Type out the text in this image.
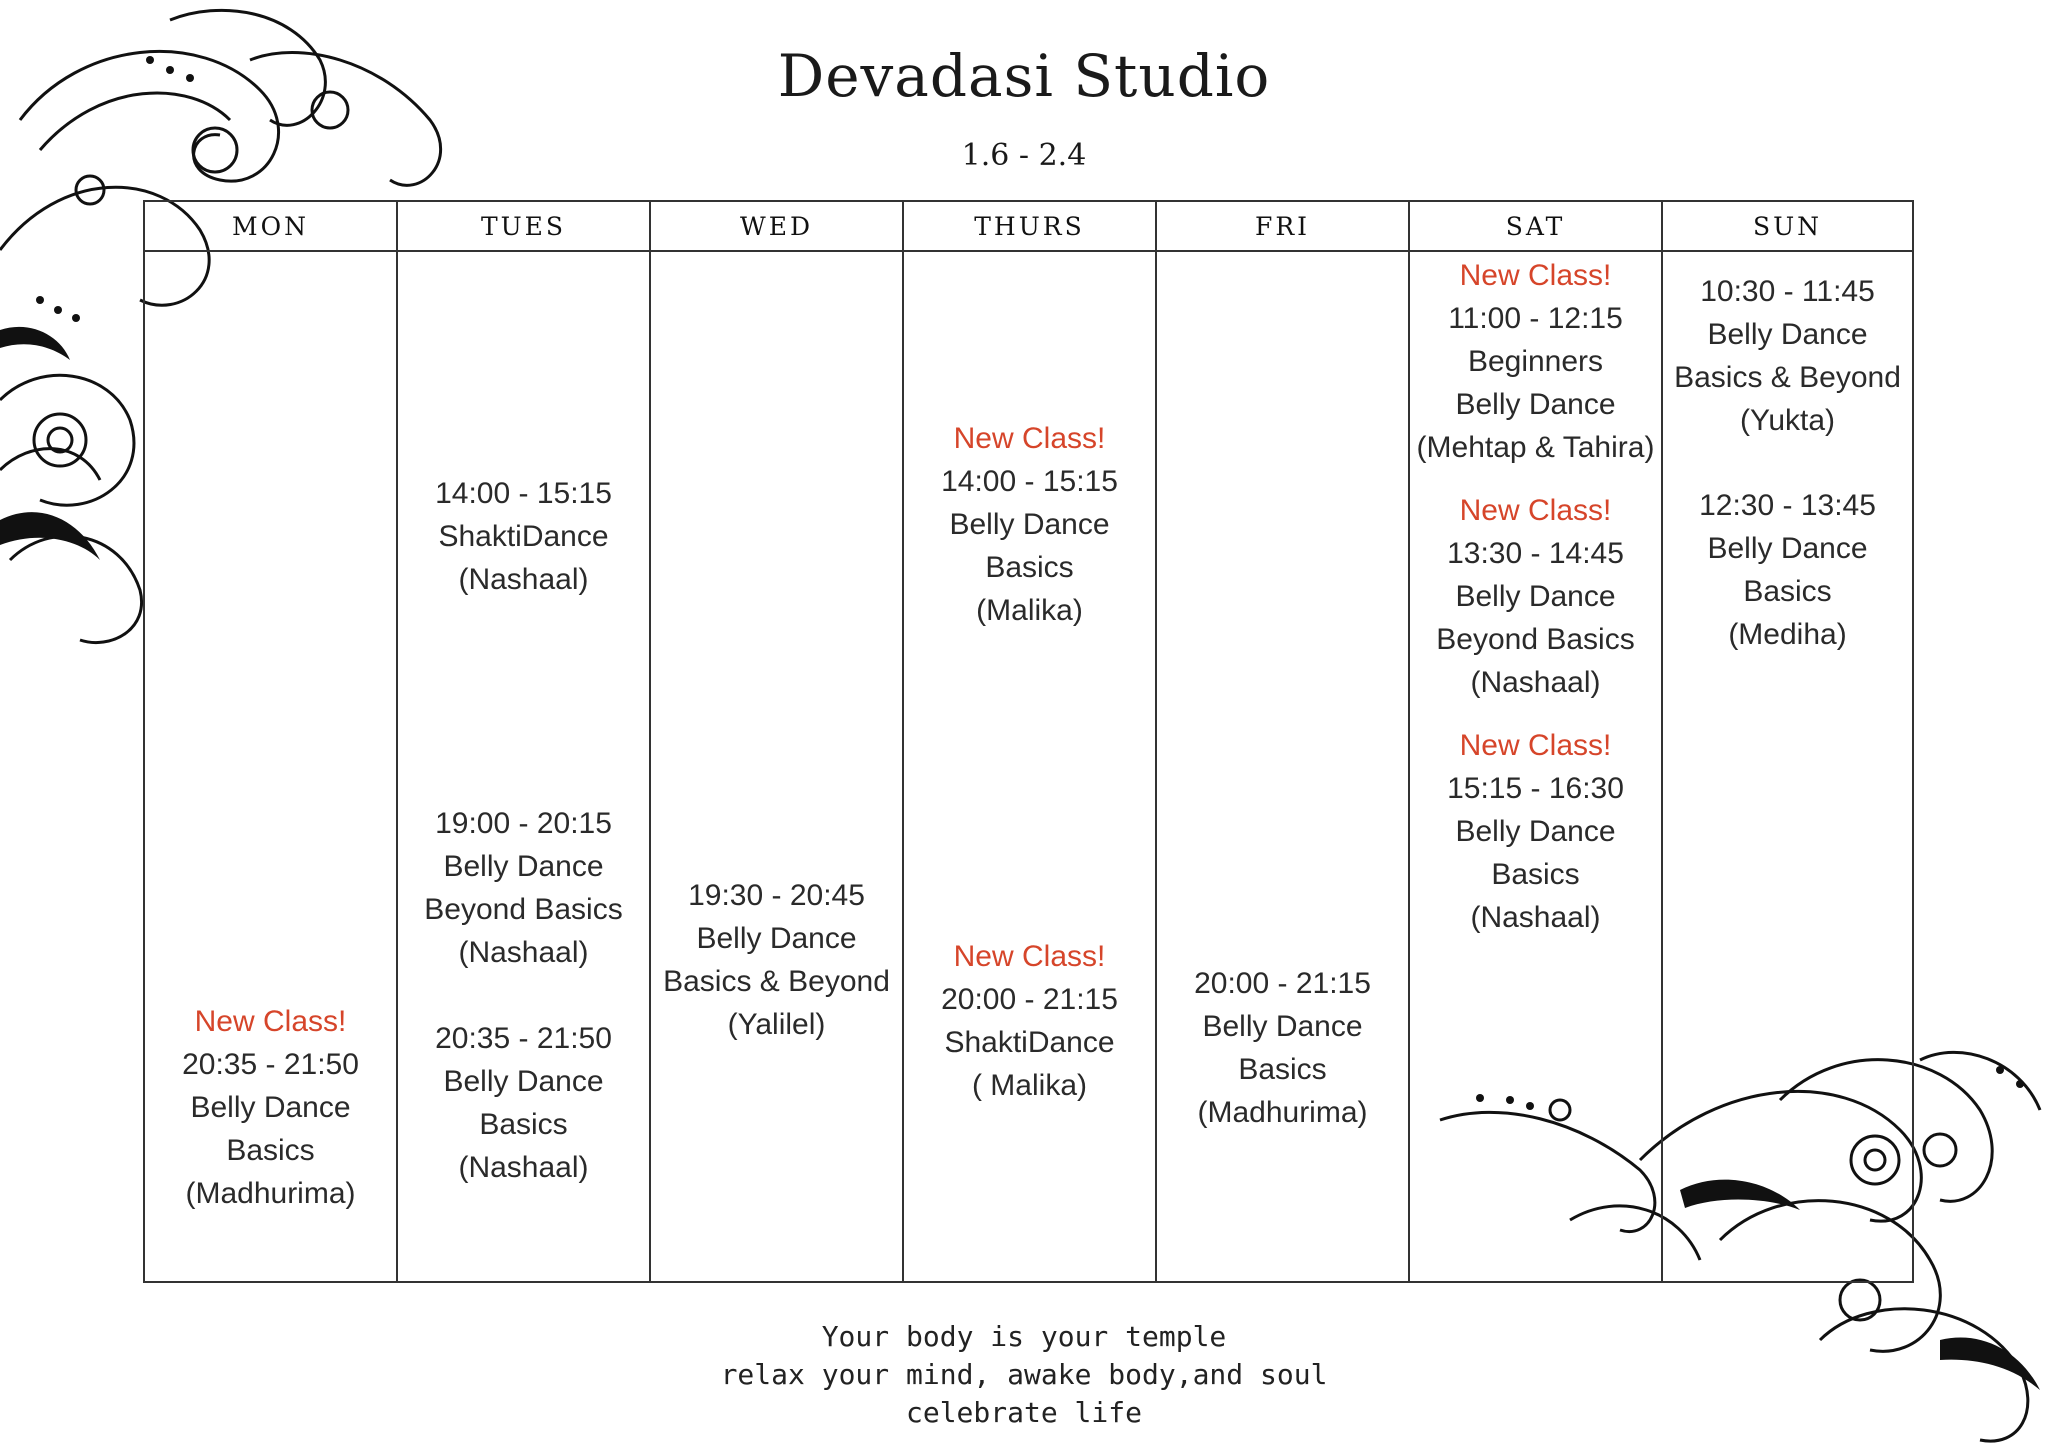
Devadasi Studio
1.6 - 2.4
MON
New Class!
20:35 - 21:50
Belly Dance
Basics
(Madhurima)
TUES
14:00 - 15:15
ShaktiDance
(Nashaal)
19:00 - 20:15
Belly Dance
Beyond Basics
(Nashaal)
20:35 - 21:50
Belly Dance
Basics
(Nashaal)
WED
19:30 - 20:45
Belly Dance
Basics & Beyond
(Yalilel)
THURS
New Class!
14:00 - 15:15
Belly Dance
Basics
(Malika)
New Class!
20:00 - 21:15
ShaktiDance
( Malika)
FRI
20:00 - 21:15
Belly Dance
Basics
(Madhurima)
SAT
New Class!
11:00 - 12:15
Beginners
Belly Dance
(Mehtap & Tahira)
New Class!
13:30 - 14:45
Belly Dance
Beyond Basics
(Nashaal)
New Class!
15:15 - 16:30
Belly Dance
Basics
(Nashaal)
SUN
10:30 - 11:45
Belly Dance
Basics & Beyond
(Yukta)
12:30 - 13:45
Belly Dance
Basics
(Mediha)
Your body is your temple
relax your mind, awake body,and soul
celebrate life
